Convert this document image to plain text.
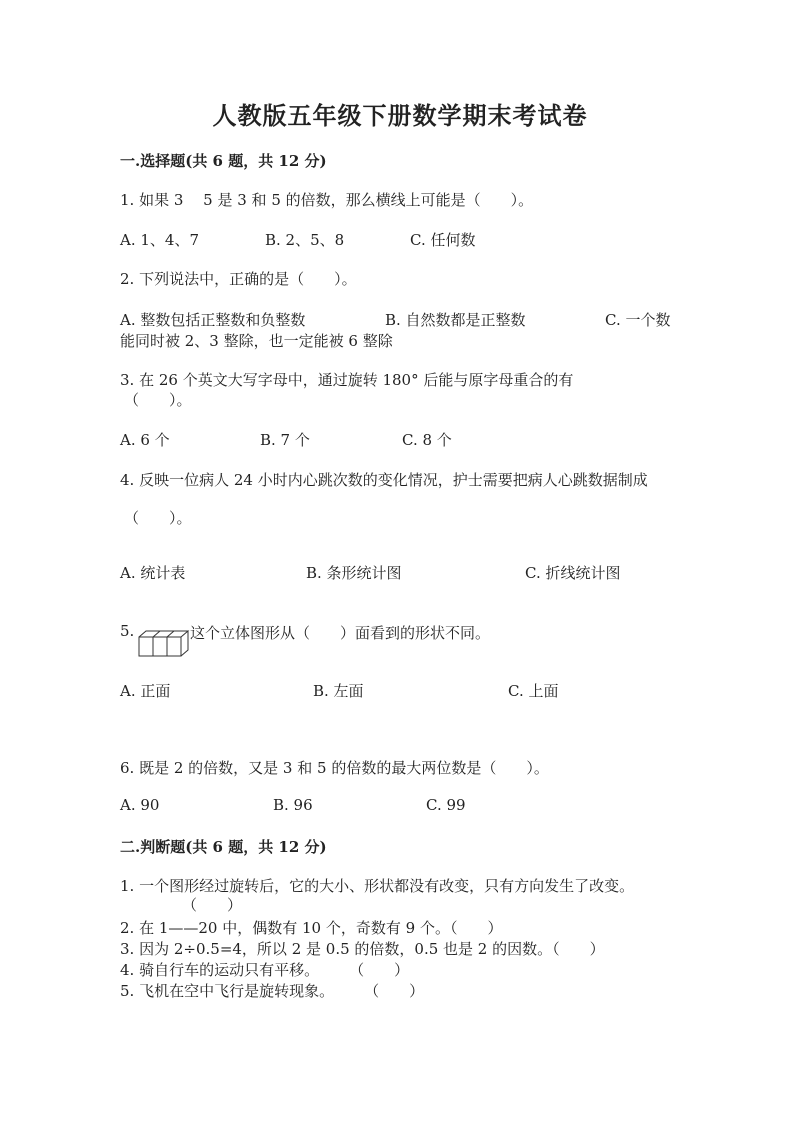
人教版五年级下册数学期末考试卷
一.选择题(共 6 题，共 12 分)
1. 如果 3　 5 是 3 和 5 的倍数，那么横线上可能是（　　）。
A. 1、4、7	B. 2、5、8	C. 任何数
2. 下列说法中，正确的是（　　）。
A. 整数包括正整数和负整数	B. 自然数都是正整数	C. 一个数
能同时被 2、3 整除，也一定能被 6 整除
3. 在 26 个英文大写字母中，通过旋转 180° 后能与原字母重合的有
（　　）。
A. 6 个	B. 7 个	C. 8 个
4. 反映一位病人 24 小时内心跳次数的变化情况，护士需要把病人心跳数据制成
（　　）。
A. 统计表	B. 条形统计图	C. 折线统计图
5.	这个立体图形从（　　）面看到的形状不同。
A. 正面	B. 左面	C. 上面
6. 既是 2 的倍数，又是 3 和 5 的倍数的最大两位数是（　　）。
A. 90	B. 96	C. 99
二.判断题(共 6 题，共 12 分)
1. 一个图形经过旋转后，它的大小、形状都没有改变，只有方向发生了改变。
（　　）
2. 在 1——20 中，偶数有 10 个，奇数有 9 个。（　　）
3. 因为 2÷0.5=4，所以 2 是 0.5 的倍数，0.5 也是 2 的因数。（　　）
4. 骑自行车的运动只有平移。　　　（　　）
5. 飞机在空中飞行是旋转现象。　　　（　　）
